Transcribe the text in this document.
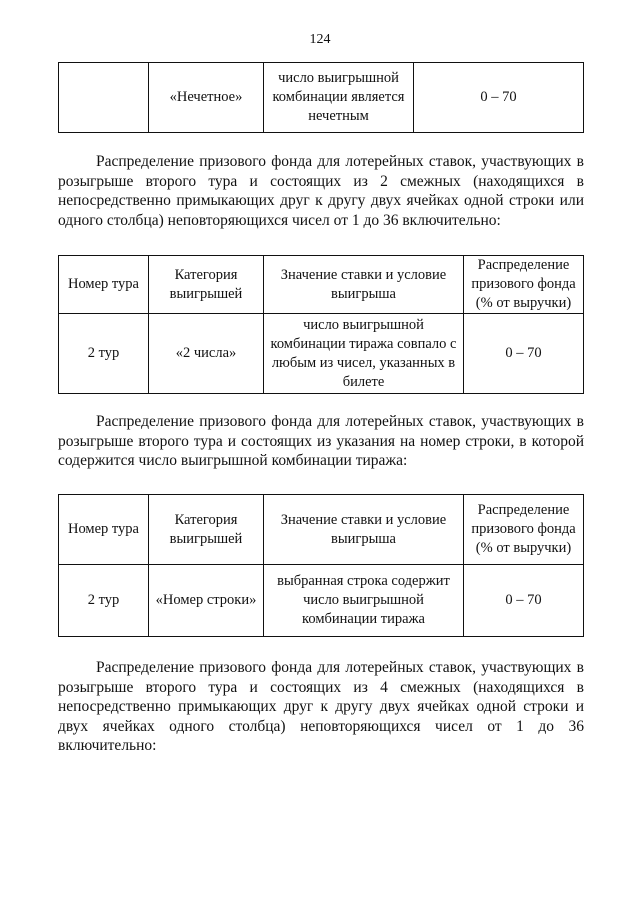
124
	«Нечетное»	число выигрышной комбинации является нечетным	0 – 70

Распределение призового фонда для лотерейных ставок, участвующих в розыгрыше второго тура и состоящих из 2 смежных (находящихся в непосредственно примыкающих друг к другу двух ячейках одной строки или одного столбца) неповторяющихся чисел от 1 до 36 включительно:

Номер тура	Категория выигрышей	Значение ставки и условие выигрыша	Распределение призового фонда (% от выручки)
2 тур	«2 числа»	число выигрышной комбинации тиража совпало с любым из чисел, указанных в билете	0 – 70

Распределение призового фонда для лотерейных ставок, участвующих в розыгрыше второго тура и состоящих из указания на номер строки, в которой содержится число выигрышной комбинации тиража:

Номер тура	Категория выигрышей	Значение ставки и условие выигрыша	Распределение призового фонда (% от выручки)
2 тур	«Номер строки»	выбранная строка содержит число выигрышной комбинации тиража	0 – 70

Распределение призового фонда для лотерейных ставок, участвующих в розыгрыше второго тура и состоящих из 4 смежных (находящихся в непосредственно примыкающих друг к другу двух ячейках одной строки и двух ячейках одного столбца) неповторяющихся чисел от 1 до 36 включительно:
